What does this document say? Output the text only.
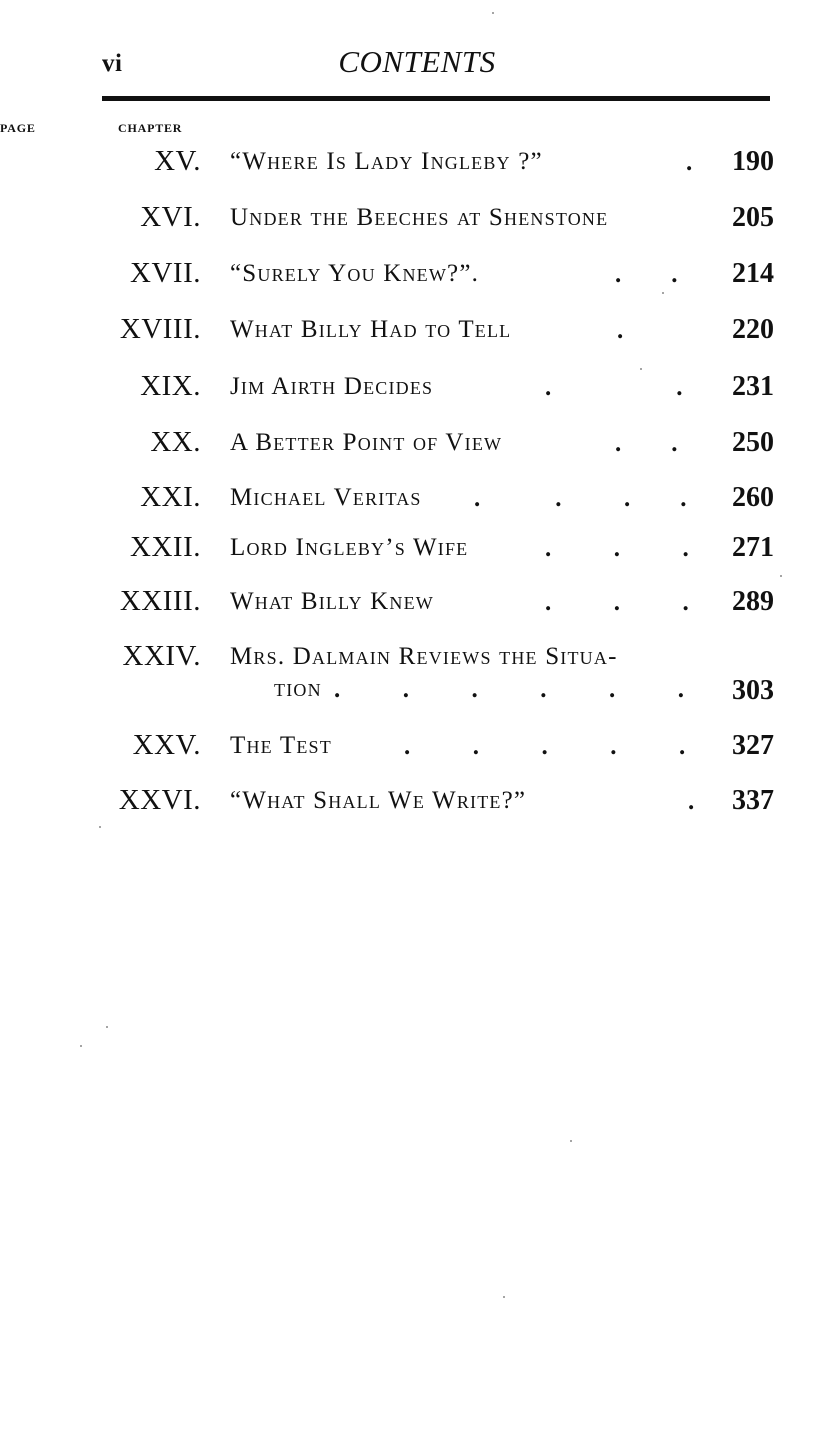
vi	CONTENTS
CHAPTER
PAGE
XV. “Where Is Lady Ingleby ?”	. 190
XVI. Under the Beeches at Shenstone	205
XVII. “Surely You Knew?”.	.    . 214
XVIII. What Billy Had to Tell	.	220
XIX. Jim Airth Decides	.          . 231
XX. A Better Point of View	.    . 250
XXI. Michael Veritas .      .     .    . 260
XXII. Lord Ingleby’s Wife	.     .     . 271
XXIII. What Billy Knew	.     .     . 289
XXIV. Mrs. Dalmain Reviews the Situa-
tion .     .     .     .     .     . 303
XXV. The Test	.     .     .     .     . 327
XXVI. “What Shall We Write?”	. 337
